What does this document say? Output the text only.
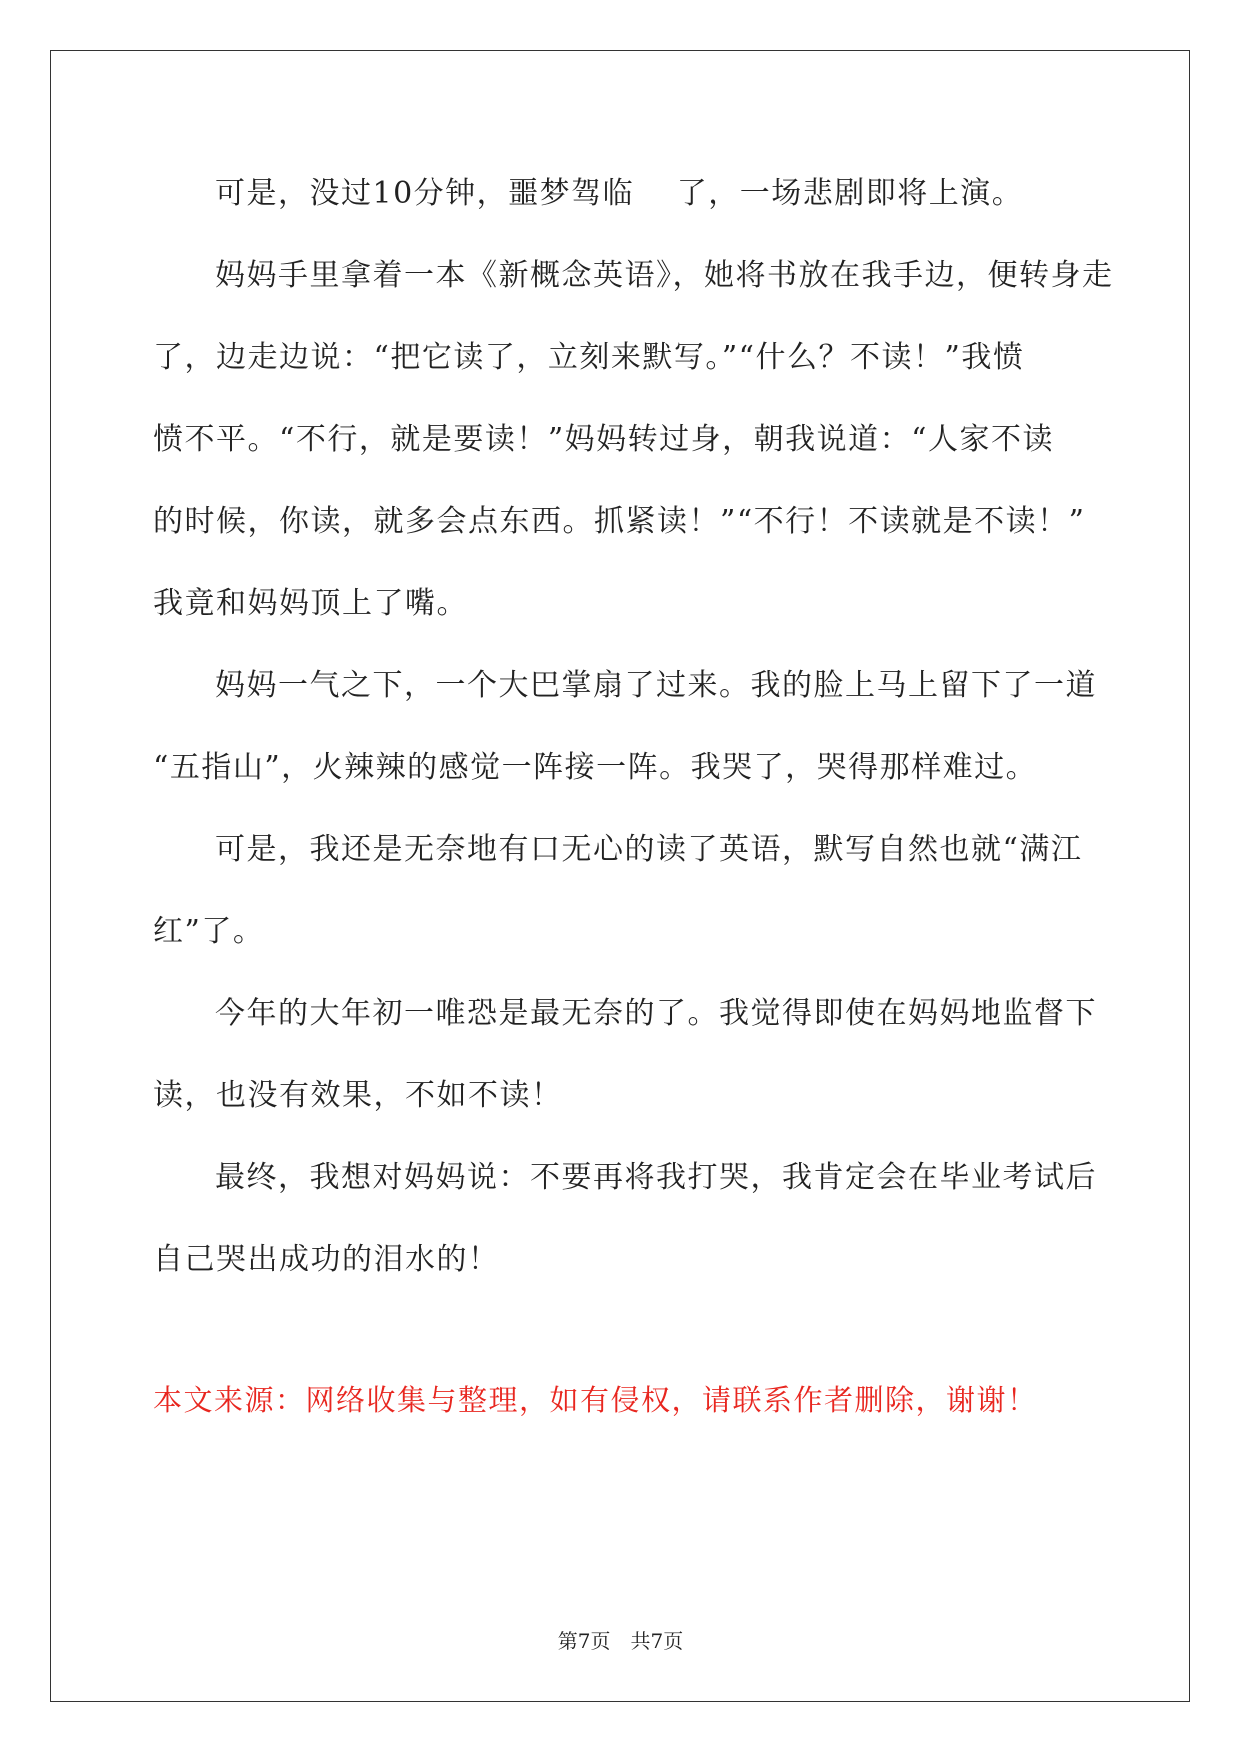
可是，没过10分钟，噩梦驾临　 了，一场悲剧即将上演。

妈妈手里拿着一本《新概念英语》，她将书放在我手边，便转身走

了，边走边说：“把它读了，立刻来默写。”“什么？不读！”我愤

愤不平。“不行，就是要读！”妈妈转过身，朝我说道：“人家不读

的时候，你读，就多会点东西。抓紧读！”“不行！不读就是不读！”

我竟和妈妈顶上了嘴。

妈妈一气之下，一个大巴掌扇了过来。我的脸上马上留下了一道

“五指山”，火辣辣的感觉一阵接一阵。我哭了，哭得那样难过。

可是，我还是无奈地有口无心的读了英语，默写自然也就“满江

红”了。

今年的大年初一唯恐是最无奈的了。我觉得即使在妈妈地监督下

读，也没有效果，不如不读！

最终，我想对妈妈说：不要再将我打哭，我肯定会在毕业考试后

自己哭出成功的泪水的！

本文来源：网络收集与整理，如有侵权，请联系作者删除，谢谢！

第7页　共7页
